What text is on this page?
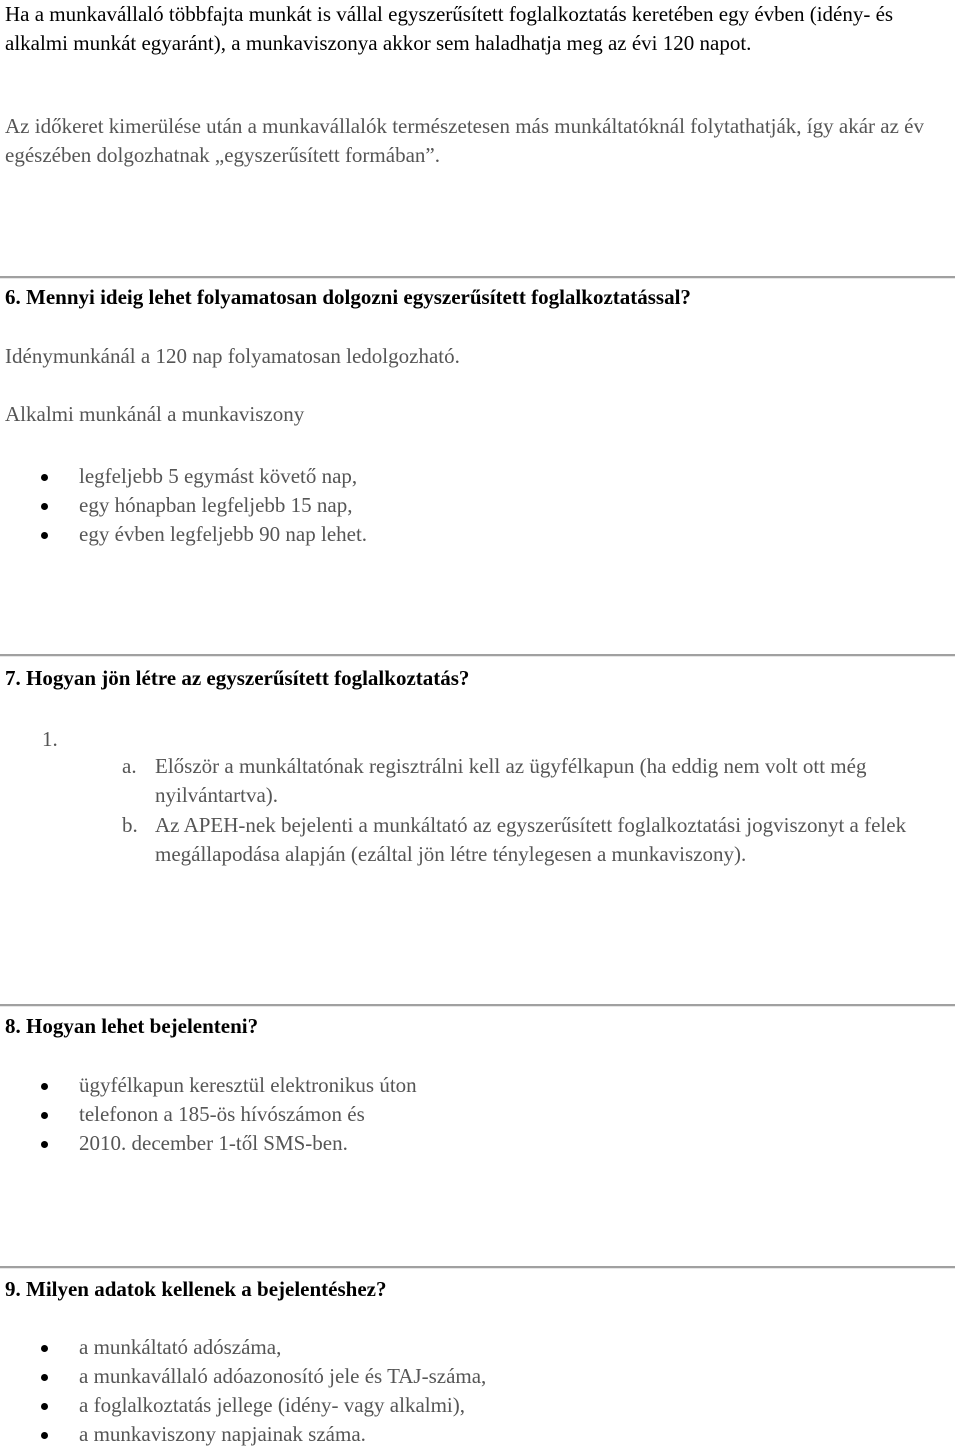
Ha a munkavállaló többfajta munkát is vállal egyszerűsített foglalkoztatás keretében egy évben (idény- és alkalmi munkát egyaránt), a munkaviszonya akkor sem haladhatja meg az évi 120 napot.

Az időkeret kimerülése után a munkavállalók természetesen más munkáltatóknál folytathatják, így akár az év egészében dolgozhatnak „egyszerűsített formában”.

6. Mennyi ideig lehet folyamatosan dolgozni egyszerűsített foglalkoztatással?

Idénymunkánál a 120 nap folyamatosan ledolgozható.

Alkalmi munkánál a munkaviszony

legfeljebb 5 egymást követő nap,
egy hónapban legfeljebb 15 nap,
egy évben legfeljebb 90 nap lehet.

7. Hogyan jön létre az egyszerűsített foglalkoztatás?

1.

a. Először a munkáltatónak regisztrálni kell az ügyfélkapun (ha eddig nem volt ott még nyilvántartva).
b. Az APEH-nek bejelenti a munkáltató az egyszerűsített foglalkoztatási jogviszonyt a felek megállapodása alapján (ezáltal jön létre ténylegesen a munkaviszony).

8. Hogyan lehet bejelenteni?

ügyfélkapun keresztül elektronikus úton
telefonon a 185-ös hívószámon és
2010. december 1-től SMS-ben.

9. Milyen adatok kellenek a bejelentéshez?

a munkáltató adószáma,
a munkavállaló adóazonosító jele és TAJ-száma,
a foglalkoztatás jellege (idény- vagy alkalmi),
a munkaviszony napjainak száma.
